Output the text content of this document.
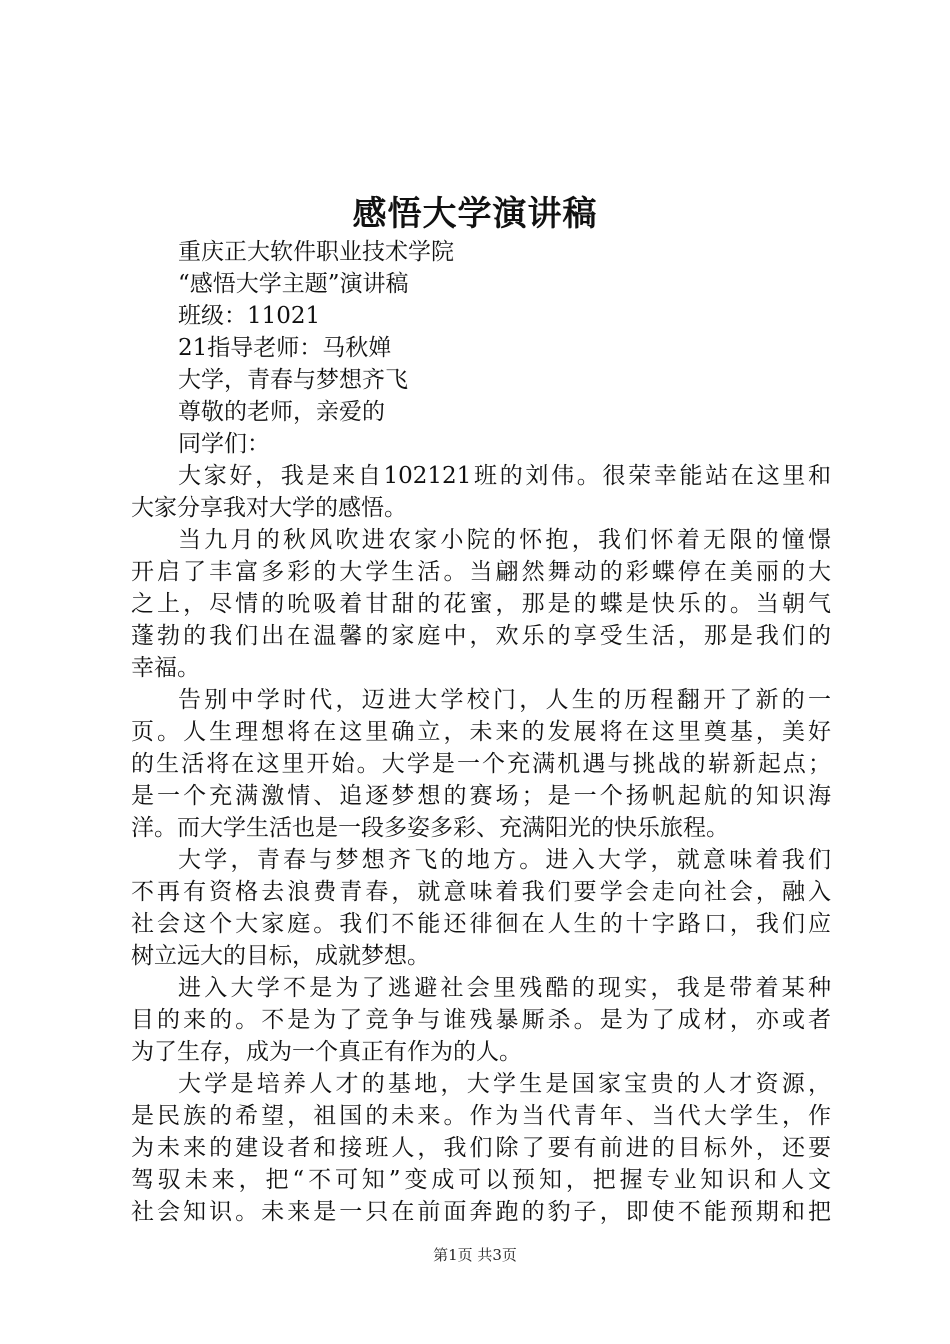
感悟大学演讲稿
重庆正大软件职业技术学院
“感悟大学主题”演讲稿
班级：11021
21指导老师：马秋婵
大学，青春与梦想齐飞
尊敬的老师，亲爱的
同学们：
大家好，我是来自102121班的刘伟。很荣幸能站在这里和
大家分享我对大学的感悟。
当九月的秋风吹进农家小院的怀抱，我们怀着无限的憧憬
开启了丰富多彩的大学生活。当翩然舞动的彩蝶停在美丽的大
之上，尽情的吮吸着甘甜的花蜜，那是的蝶是快乐的。当朝气
蓬勃的我们出在温馨的家庭中，欢乐的享受生活，那是我们的
幸福。
告别中学时代，迈进大学校门，人生的历程翻开了新的一
页。人生理想将在这里确立，未来的发展将在这里奠基，美好
的生活将在这里开始。大学是一个充满机遇与挑战的崭新起点；
是一个充满激情、追逐梦想的赛场；是一个扬帆起航的知识海
洋。而大学生活也是一段多姿多彩、充满阳光的快乐旅程。
大学，青春与梦想齐飞的地方。进入大学，就意味着我们
不再有资格去浪费青春，就意味着我们要学会走向社会，融入
社会这个大家庭。我们不能还徘徊在人生的十字路口，我们应
树立远大的目标，成就梦想。
进入大学不是为了逃避社会里残酷的现实，我是带着某种
目的来的。不是为了竞争与谁残暴厮杀。是为了成材，亦或者
为了生存，成为一个真正有作为的人。
大学是培养人才的基地，大学生是国家宝贵的人才资源，
是民族的希望，祖国的未来。作为当代青年、当代大学生，作
为未来的建设者和接班人，我们除了要有前进的目标外，还要
驾驭未来，把“不可知”变成可以预知，把握专业知识和人文
社会知识。未来是一只在前面奔跑的豹子，即使不能预期和把
第1页 共3页
